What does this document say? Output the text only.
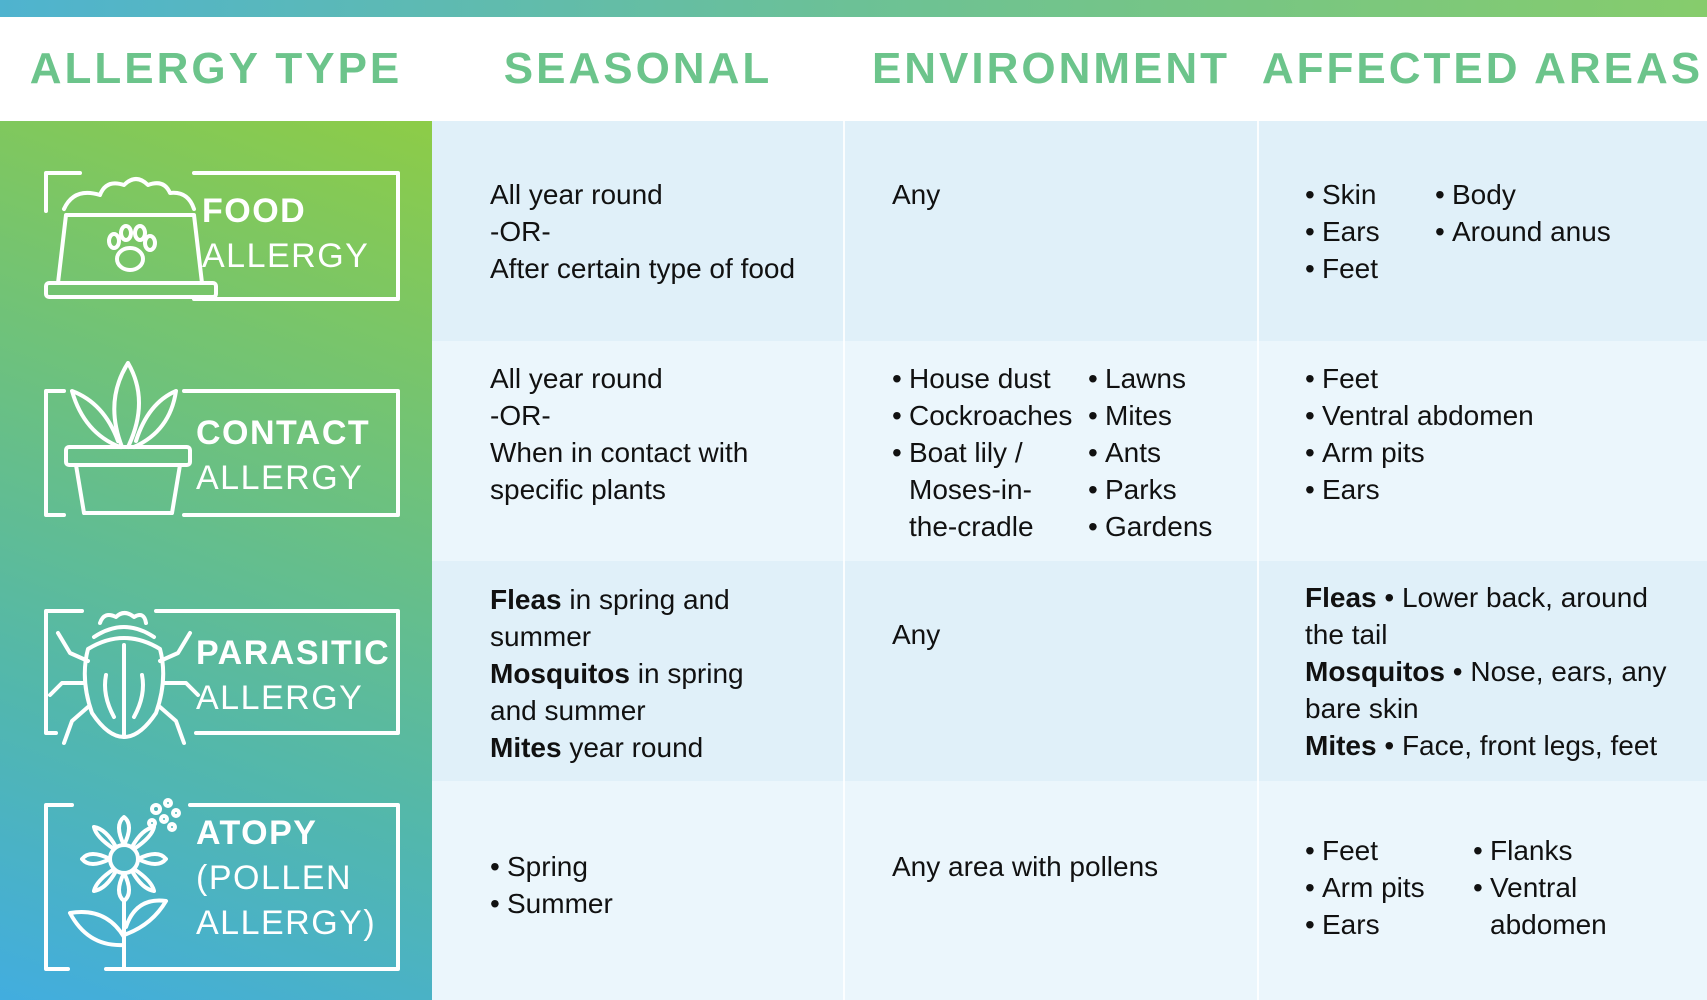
ALLERGY TYPE	SEASONAL	ENVIRONMENT AFFECTED AREAS
FOOD
ALLERGY
CONTACT
ALLERGY
PARASITIC
ALLERGY
ATOPY
(POLLEN
ALLERGY)

All year round

-OR-

After certain type of food

Any
•	Skin
• Ears
• Feet
• Body
• Around anus

All year round

-OR-

When in contact with

specific plants

• House dust
• Cockroaches
• Boat lily / Moses-in-the-cradle
• Lawns
• Mites
• Ants
• Parks
• Gardens
• Feet
• Ventral abdomen
• Arm pits
• Ears

Fleas in spring and summer

Mosquitos in spring and summer

Mites year round

Any

Fleas • Lower back, around the tail

Mosquitos • Nose, ears, any bare skin

Mites • Face, front legs, feet

• Spring
• Summer
Any area with pollens
• Feet
• Arm pits
• Ears
• Flanks
• Ventral abdomen
